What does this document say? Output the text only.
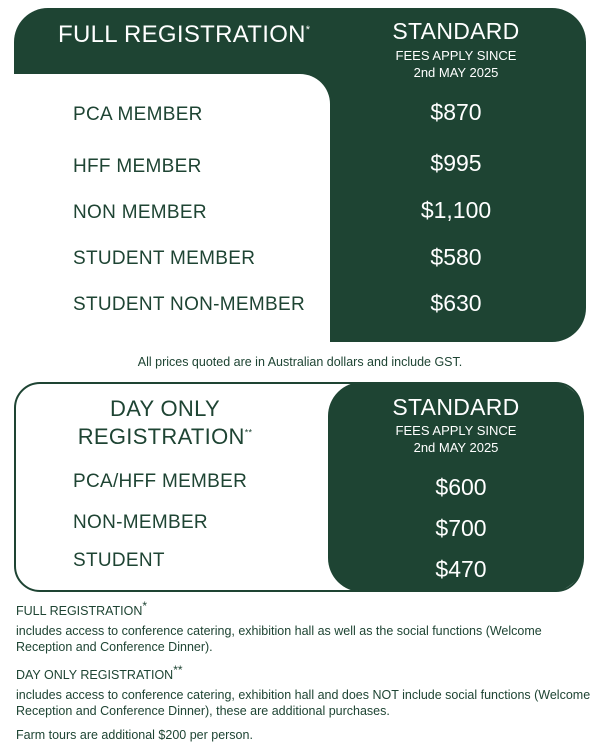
FULL REGISTRATION*	STANDARD
FEES APPLY SINCE
2nd MAY 2025
PCA MEMBER	$870
HFF MEMBER	$995
NON MEMBER	$1,100
STUDENT MEMBER	$580
STUDENT NON-MEMBER	$630
All prices quoted are in Australian dollars and include GST.
DAY ONLY
REGISTRATION**
STANDARD
FEES APPLY SINCE
2nd MAY 2025
PCA/HFF MEMBER	$600
NON-MEMBER	$700
STUDENT	$470
FULL REGISTRATION*
includes access to conference catering, exhibition hall as well as the social functions (Welcome Reception and Conference Dinner).
DAY ONLY REGISTRATION**
includes access to conference catering, exhibition hall and does NOT include social functions (Welcome Reception and Conference Dinner), these are additional purchases.
Farm tours are additional $200 per person.
